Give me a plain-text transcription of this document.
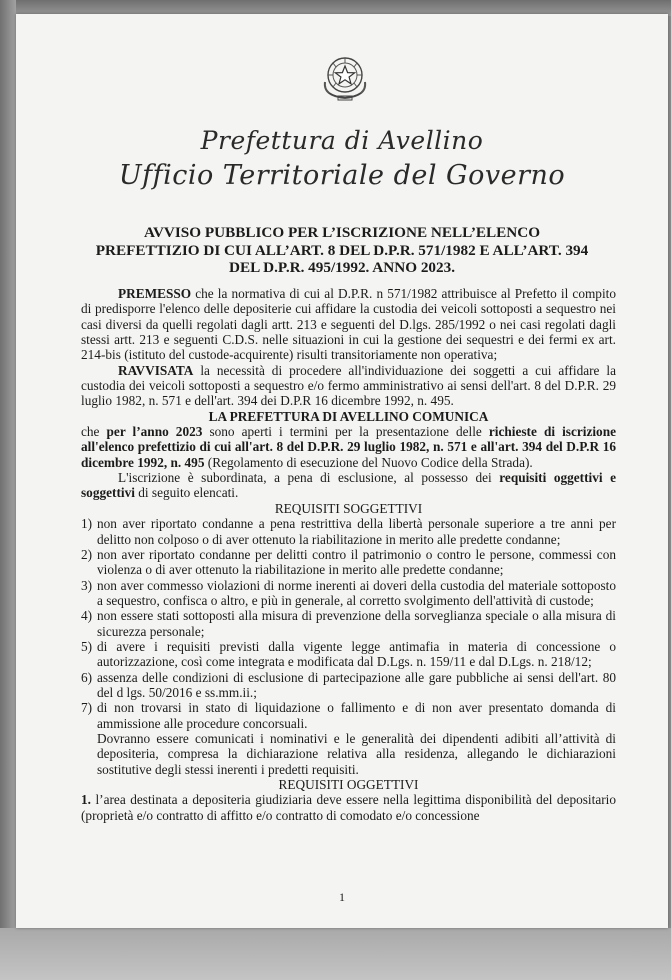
Prefettura di Avellino
Ufficio Territoriale del Governo
AVVISO PUBBLICO PER L’ISCRIZIONE NELL’ELENCO
PREFETTIZIO DI CUI ALL’ART. 8 DEL D.P.R. 571/1982 E ALL’ART. 394
DEL D.P.R. 495/1992. ANNO 2023.

PREMESSO che la normativa di cui al D.P.R. n 571/1982 attribuisce al Prefetto il compito di predisporre l'elenco delle depositerie cui affidare la custodia dei veicoli sottoposti a sequestro nei casi diversi da quelli regolati dagli artt. 213 e seguenti del D.lgs. 285/1992 o nei casi regolati dagli stessi artt. 213 e seguenti C.D.S. nelle situazioni in cui la gestione dei sequestri e dei fermi ex art. 214-bis (istituto del custode-acquirente) risulti transitoriamente non operativa;

RAVVISATA la necessità di procedere all'individuazione dei soggetti a cui affidare la custodia dei veicoli sottoposti a sequestro e/o fermo amministrativo ai sensi dell'art. 8 del D.P.R. 29 luglio 1982, n. 571 e dell'art. 394 dei D.P.R 16 dicembre 1992, n. 495.

LA PREFETTURA DI AVELLINO COMUNICA

che per l’anno 2023 sono aperti i termini per la presentazione delle richieste di iscrizione all'elenco prefettizio di cui all'art. 8 del D.P.R. 29 luglio 1982, n. 571 e all'art. 394 del D.P.R 16 dicembre 1992, n. 495 (Regolamento di esecuzione del Nuovo Codice della Strada).

L'iscrizione è subordinata, a pena di esclusione, al possesso dei requisiti oggettivi e soggettivi di seguito elencati.

REQUISITI SOGGETTIVI

1) non aver riportato condanne a pena restrittiva della libertà personale superiore a tre anni per delitto non colposo o di aver ottenuto la riabilitazione in merito alle predette condanne;
2) non aver riportato condanne per delitti contro il patrimonio o contro le persone, commessi con violenza o di aver ottenuto la riabilitazione in merito alle predette condanne;
3) non aver commesso violazioni di norme inerenti ai doveri della custodia del materiale sottoposto a sequestro, confisca o altro, e più in generale, al corretto svolgimento dell'attività di custode;
4) non essere stati sottoposti alla misura di prevenzione della sorveglianza speciale o alla misura di sicurezza personale;
5) di avere i requisiti previsti dalla vigente legge antimafia in materia di concessione o autorizzazione, così come integrata e modificata dal D.Lgs. n. 159/11 e dal D.Lgs. n. 218/12;
6) assenza delle condizioni di esclusione di partecipazione alle gare pubbliche ai sensi dell'art. 80 del d lgs. 50/2016 e ss.mm.ii.;
7) di non trovarsi in stato di liquidazione o fallimento e di non aver presentato domanda di ammissione alle procedure concorsuali.

Dovranno essere comunicati i nominativi e le generalità dei dipendenti adibiti all’attività di depositeria, compresa la dichiarazione relativa alla residenza, allegando le dichiarazioni sostitutive degli stessi inerenti i predetti requisiti.

REQUISITI OGGETTIVI

1. l’area destinata a depositeria giudiziaria deve essere nella legittima disponibilità del depositario (proprietà e/o contratto di affitto e/o contratto di comodato e/o concessione

1
